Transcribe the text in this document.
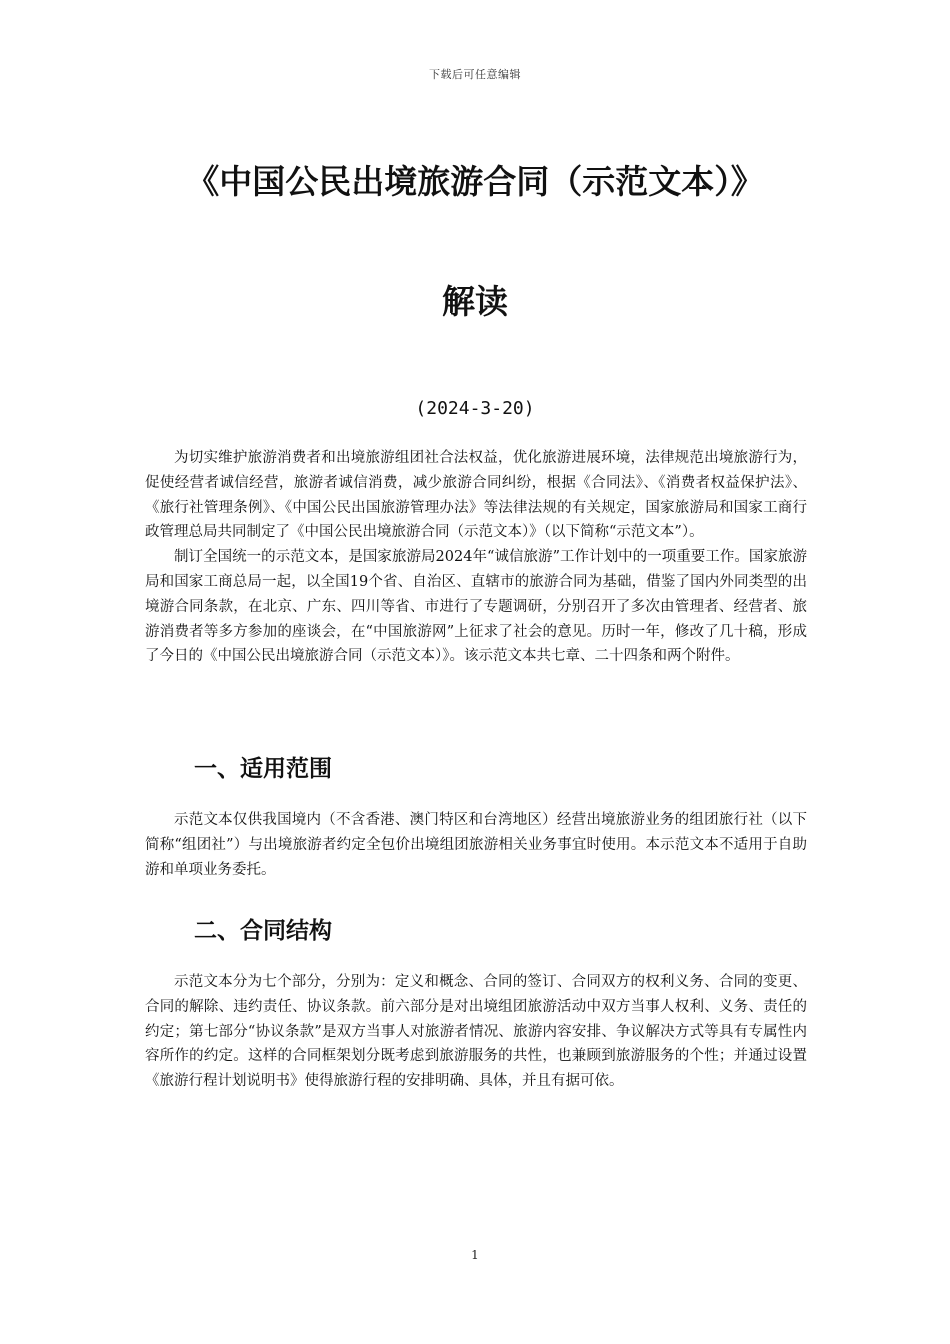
下载后可任意编辑
《中国公民出境旅游合同（示范文本）》
解读
(2024-3-20)

为切实维护旅游消费者和出境旅游组团社合法权益，优化旅游进展环境，法律规范出境旅游行为，促使经营者诚信经营，旅游者诚信消费，减少旅游合同纠纷，根据《合同法》、《消费者权益保护法》、《旅行社管理条例》、《中国公民出国旅游管理办法》等法律法规的有关规定，国家旅游局和国家工商行政管理总局共同制定了《中国公民出境旅游合同（示范文本）》（以下简称“示范文本”）。

制订全国统一的示范文本，是国家旅游局2024年“诚信旅游”工作计划中的一项重要工作。国家旅游局和国家工商总局一起，以全国19个省、自治区、直辖市的旅游合同为基础，借鉴了国内外同类型的出境游合同条款，在北京、广东、四川等省、市进行了专题调研，分别召开了多次由管理者、经营者、旅游消费者等多方参加的座谈会，在“中国旅游网”上征求了社会的意见。历时一年，修改了几十稿，形成了今日的《中国公民出境旅游合同（示范文本）》。该示范文本共七章、二十四条和两个附件。

一、适用范围

示范文本仅供我国境内（不含香港、澳门特区和台湾地区）经营出境旅游业务的组团旅行社（以下简称“组团社”）与出境旅游者约定全包价出境组团旅游相关业务事宜时使用。本示范文本不适用于自助游和单项业务委托。

二、合同结构

示范文本分为七个部分，分别为：定义和概念、合同的签订、合同双方的权利义务、合同的变更、合同的解除、违约责任、协议条款。前六部分是对出境组团旅游活动中双方当事人权利、义务、责任的约定；第七部分“协议条款”是双方当事人对旅游者情况、旅游内容安排、争议解决方式等具有专属性内容所作的约定。这样的合同框架划分既考虑到旅游服务的共性，也兼顾到旅游服务的个性；并通过设置《旅游行程计划说明书》使得旅游行程的安排明确、具体，并且有据可依。

1
